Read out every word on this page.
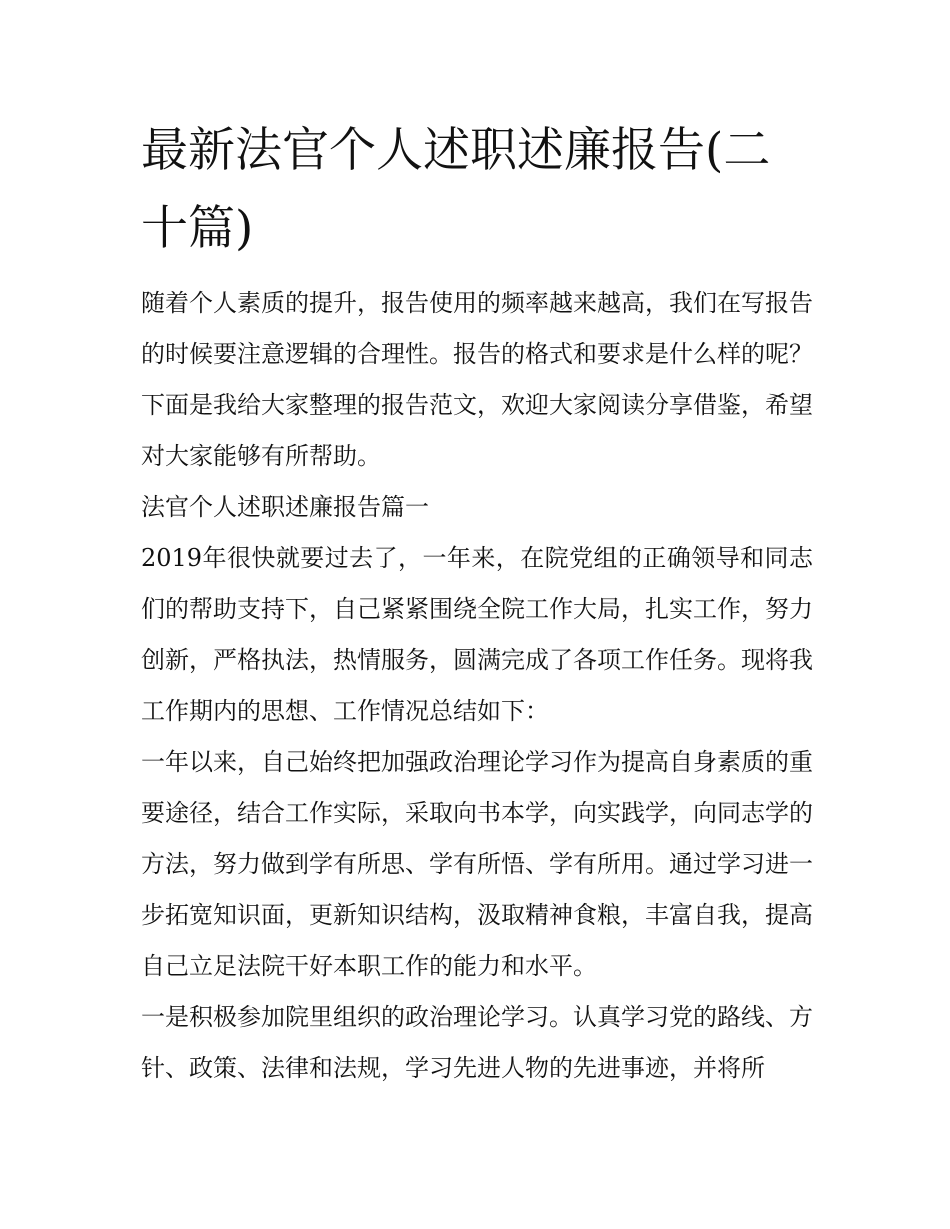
最新法官个人述职述廉报告(二十篇)

随着个人素质的提升，报告使用的频率越来越高，我们在写报告的时候要注意逻辑的合理性。报告的格式和要求是什么样的呢？下面是我给大家整理的报告范文，欢迎大家阅读分享借鉴，希望对大家能够有所帮助。

法官个人述职述廉报告篇一

2019年很快就要过去了，一年来，在院党组的正确领导和同志们的帮助支持下，自己紧紧围绕全院工作大局，扎实工作，努力创新，严格执法，热情服务，圆满完成了各项工作任务。现将我工作期内的思想、工作情况总结如下：

一年以来，自己始终把加强政治理论学习作为提高自身素质的重要途径，结合工作实际，采取向书本学，向实践学，向同志学的方法，努力做到学有所思、学有所悟、学有所用。通过学习进一步拓宽知识面，更新知识结构，汲取精神食粮，丰富自我，提高自己立足法院干好本职工作的能力和水平。

一是积极参加院里组织的政治理论学习。认真学习党的路线、方针、政策、法律和法规，学习先进人物的先进事迹，并将所
